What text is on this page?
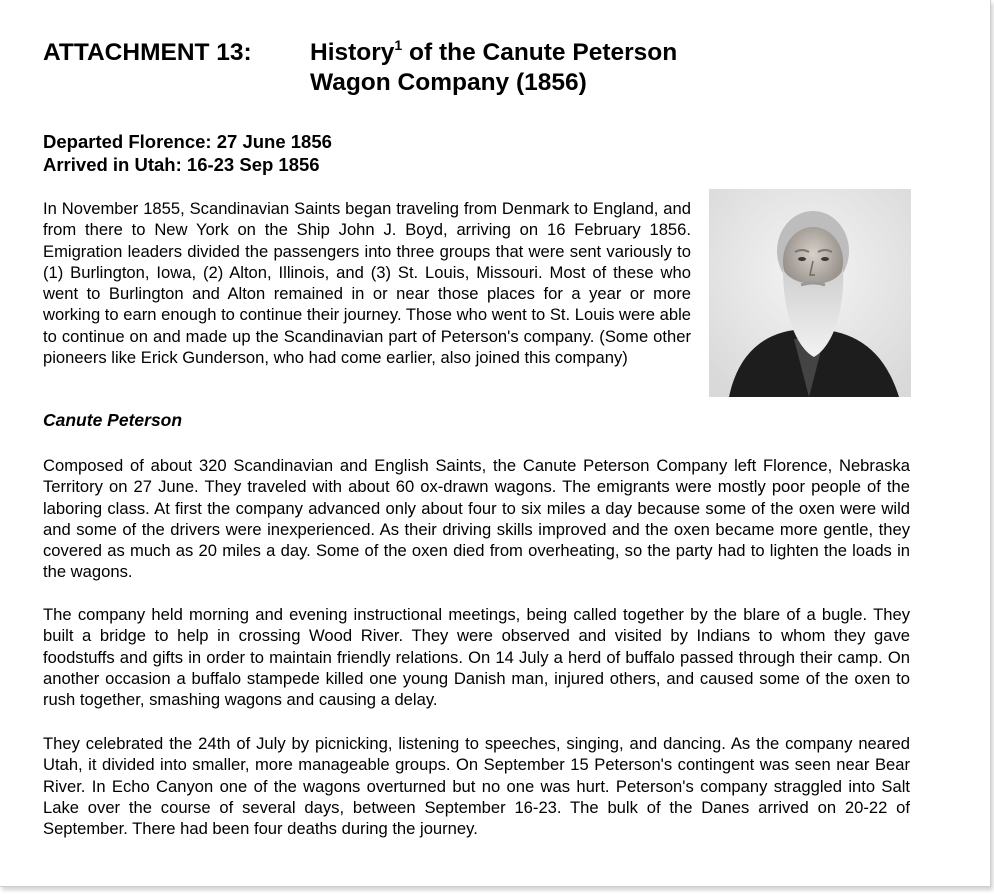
ATTACHMENT 13:	History$^1$ of the Canute Peterson
Wagon Company (1856)
Departed Florence: 27 June 1856
Arrived in Utah: 16-23 Sep 1856
In November 1855, Scandinavian Saints began traveling from Denmark to England, and from there to New York on the Ship John J. Boyd, arriving on 16 February 1856. Emigration leaders divided the passengers into three groups that were sent variously to (1) Burlington, Iowa, (2) Alton, Illinois, and (3) St. Louis, Missouri. Most of these who went to Burlington and Alton remained in or near those places for a year or more working to earn enough to continue their journey. Those who went to St. Louis were able to continue on and made up the Scandinavian part of Peterson's company. (Some other pioneers like Erick Gunderson, who had come earlier, also joined this company)
Canute Peterson
Composed of about 320 Scandinavian and English Saints, the Canute Peterson Company left Florence, Nebraska Territory on 27 June. They traveled with about 60 ox-drawn wagons. The emigrants were mostly poor people of the laboring class. At first the company advanced only about four to six miles a day because some of the oxen were wild and some of the drivers were inexperienced. As their driving skills improved and the oxen became more gentle, they covered as much as 20 miles a day. Some of the oxen died from overheating, so the party had to lighten the loads in the wagons.
The company held morning and evening instructional meetings, being called together by the blare of a bugle. They built a bridge to help in crossing Wood River. They were observed and visited by Indians to whom they gave foodstuffs and gifts in order to maintain friendly relations. On 14 July a herd of buffalo passed through their camp. On another occasion a buffalo stampede killed one young Danish man, injured others, and caused some of the oxen to rush together, smashing wagons and causing a delay.
They celebrated the 24th of July by picnicking, listening to speeches, singing, and dancing. As the company neared Utah, it divided into smaller, more manageable groups. On September 15 Peterson's contingent was seen near Bear River. In Echo Canyon one of the wagons overturned but no one was hurt. Peterson's company straggled into Salt Lake over the course of several days, between September 16-23. The bulk of the Danes arrived on 20-22 of September. There had been four deaths during the journey.
